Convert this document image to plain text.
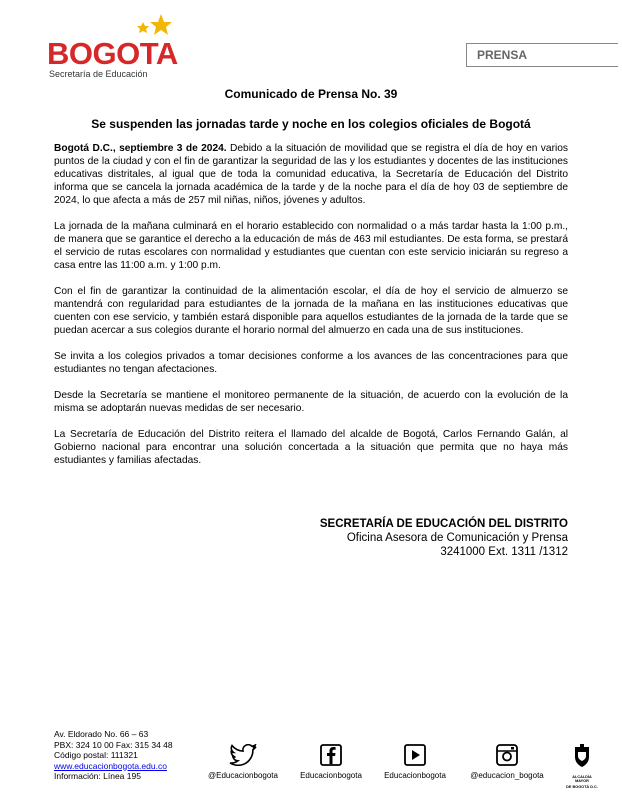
BOGOTA
Secretaría de Educación
PRENSA
Comunicado de Prensa No. 39
Se suspenden las jornadas tarde y noche en los colegios oficiales de Bogotá

Bogotá D.C., septiembre 3 de 2024. Debido a la situación de movilidad que se registra el día de hoy en varios puntos de la ciudad y con el fin de garantizar la seguridad de las y los estudiantes y docentes de las instituciones educativas distritales, al igual que de toda la comunidad educativa, la Secretaría de Educación del Distrito informa que se cancela la jornada académica de la tarde y de la noche para el día de hoy 03 de septiembre de 2024, lo que afecta a más de 257 mil niñas, niños, jóvenes y adultos.

La jornada de la mañana culminará en el horario establecido con normalidad o a más tardar hasta la 1:00 p.m., de manera que se garantice el derecho a la educación de más de 463 mil estudiantes. De esta forma, se prestará el servicio de rutas escolares con normalidad y estudiantes que cuentan con este servicio iniciarán su regreso a casa entre las 11:00 a.m. y 1:00 p.m.

Con el fin de garantizar la continuidad de la alimentación escolar, el día de hoy el servicio de almuerzo se mantendrá con regularidad para estudiantes de la jornada de la mañana en las instituciones educativas que cuenten con ese servicio, y también estará disponible para aquellos estudiantes de la jornada de la tarde que se puedan acercar a sus colegios durante el horario normal del almuerzo en cada una de sus instituciones.

Se invita a los colegios privados a tomar decisiones conforme a los avances de las concentraciones para que estudiantes no tengan afectaciones.

Desde la Secretaría se mantiene el monitoreo permanente de la situación, de acuerdo con la evolución de la misma se adoptarán nuevas medidas de ser necesario.

La Secretaría de Educación del Distrito reitera el llamado del alcalde de Bogotá, Carlos Fernando Galán, al Gobierno nacional para encontrar una solución concertada a la situación que permita que no haya más estudiantes y familias afectadas.

SECRETARÍA DE EDUCACIÓN DEL DISTRITO
Oficina Asesora de Comunicación y Prensa
3241000 Ext. 1311 /1312
Av. Eldorado No. 66 – 63
PBX: 324 10 00 Fax: 315 34 48
Código postal: 111321
www.educacionbogota.edu.co
Información: Línea 195	@Educacionbogota	Educacionbogota	Educacionbogota	@educacion_bogota	ALCALDÍA MAYOR
DE BOGOTÁ D.C.
